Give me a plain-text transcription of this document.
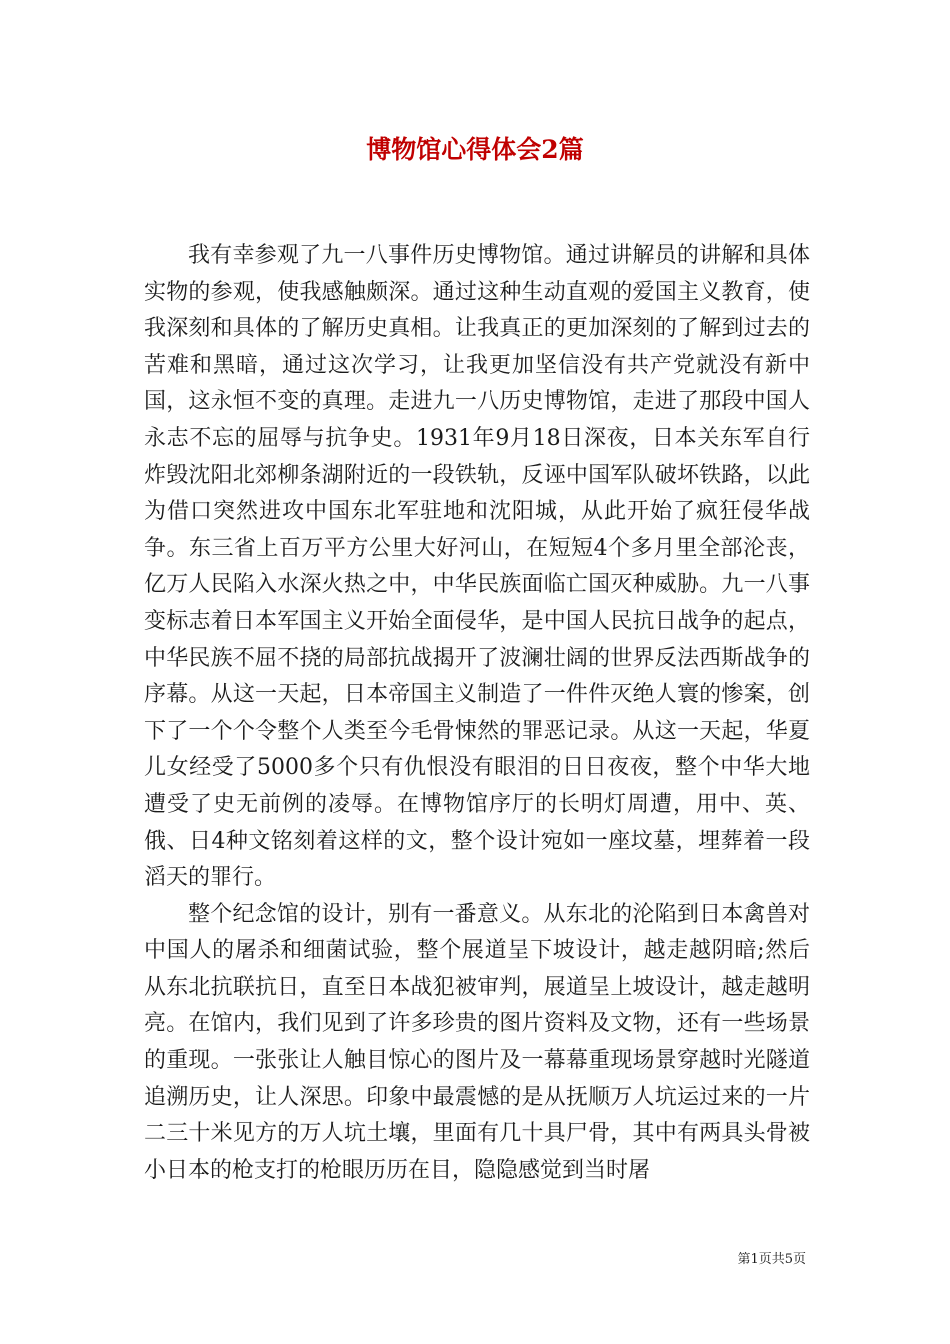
博物馆心得体会2篇

我有幸参观了九一八事件历史博物馆。通过讲解员的讲解和具体实物的参观，使我感触颇深。通过这种生动直观的爱国主义教育，使我深刻和具体的了解历史真相。让我真正的更加深刻的了解到过去的苦难和黑暗，通过这次学习，让我更加坚信没有共产党就没有新中国，这永恒不变的真理。走进九一八历史博物馆，走进了那段中国人永志不忘的屈辱与抗争史。1931年9月18日深夜，日本关东军自行炸毁沈阳北郊柳条湖附近的一段铁轨，反诬中国军队破坏铁路，以此为借口突然进攻中国东北军驻地和沈阳城，从此开始了疯狂侵华战争。东三省上百万平方公里大好河山，在短短4个多月里全部沦丧，亿万人民陷入水深火热之中，中华民族面临亡国灭种威胁。九一八事变标志着日本军国主义开始全面侵华，是中国人民抗日战争的起点，中华民族不屈不挠的局部抗战揭开了波澜壮阔的世界反法西斯战争的序幕。从这一天起，日本帝国主义制造了一件件灭绝人寰的惨案，创下了一个个令整个人类至今毛骨悚然的罪恶记录。从这一天起，华夏儿女经受了5000多个只有仇恨没有眼泪的日日夜夜，整个中华大地遭受了史无前例的凌辱。在博物馆序厅的长明灯周遭，用中、英、俄、日4种文铭刻着这样的文，整个设计宛如一座坟墓，埋葬着一段滔天的罪行。

整个纪念馆的设计，别有一番意义。从东北的沦陷到日本禽兽对中国人的屠杀和细菌试验，整个展道呈下坡设计，越走越阴暗;然后从东北抗联抗日，直至日本战犯被审判，展道呈上坡设计，越走越明亮。在馆内，我们见到了许多珍贵的图片资料及文物，还有一些场景的重现。一张张让人触目惊心的图片及一幕幕重现场景穿越时光隧道追溯历史，让人深思。印象中最震憾的是从抚顺万人坑运过来的一片二三十米见方的万人坑土壤，里面有几十具尸骨，其中有两具头骨被小日本的枪支打的枪眼历历在目，隐隐感觉到当时屠

第1页共5页
